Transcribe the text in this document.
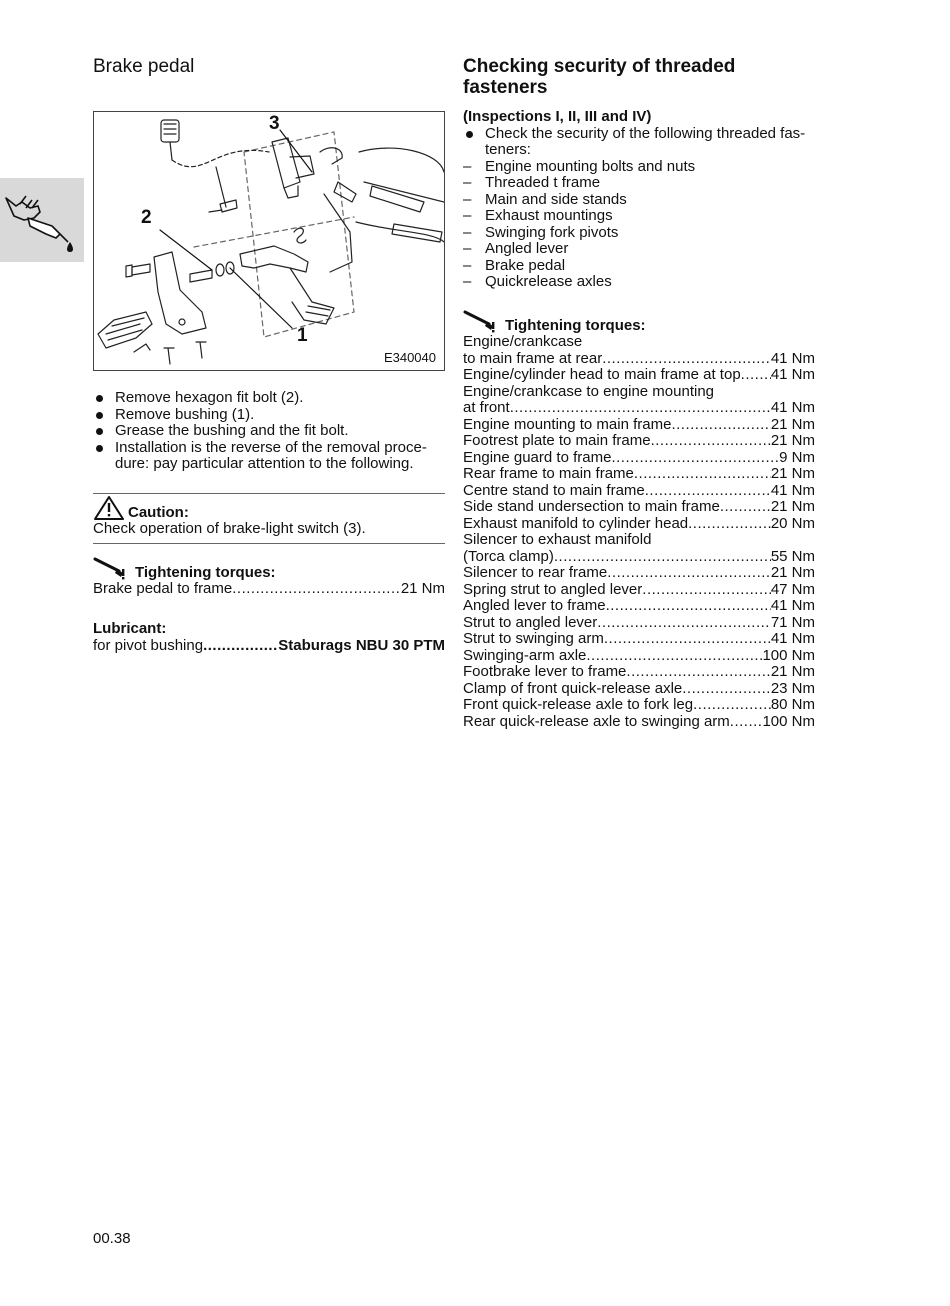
Brake pedal	Checking security of threaded fasteners
2
3
1
E340040
Remove hexagon fit bolt (2).
Remove bushing (1).
Grease the bushing and the fit bolt.
Installation is the reverse of the removal proce-dure: pay particular attention to the following.
Caution:
Check operation of brake-light switch (3).
Tightening torques:
Brake pedal to frame .....	21 Nm
Lubricant:
for pivot bushing .....	Staburags NBU 30 PTM
(Inspections I, II, III and IV)
Check the security of the following threaded fas-teners:
– Engine mounting bolts and nuts
– Threaded t frame
– Main and side stands
– Exhaust mountings
– Swinging fork pivots
– Angled lever
– Brake pedal
– Quickrelease axles
Tightening torques:
Engine/crankcase
to main frame at rear .....	41 Nm
Engine/cylinder head to main frame at top ..... 41 Nm
Engine/crankcase to engine mounting
at front .....	41 Nm
Engine mounting to main frame .....	21 Nm
Footrest plate to main frame .....	21 Nm
Engine guard to frame .....	9 Nm
Rear frame to main frame .....	21 Nm
Centre stand to main frame .....	41 Nm
Side stand undersection to main frame .....	21 Nm
Exhaust manifold to cylinder head .....	20 Nm
Silencer to exhaust manifold
(Torca clamp) .....	55 Nm
Silencer to rear frame .....	21 Nm
Spring strut to angled lever .....	47 Nm
Angled lever to frame .....	41 Nm
Strut to angled lever .....	71 Nm
Strut to swinging arm .....	41 Nm
Swinging-arm axle .....	100 Nm
Footbrake lever to frame .....	21 Nm
Clamp of front quick-release axle .....	23 Nm
Front quick-release axle to fork leg .....	80 Nm
Rear quick-release axle to swinging arm ..... 100 Nm
00.38
